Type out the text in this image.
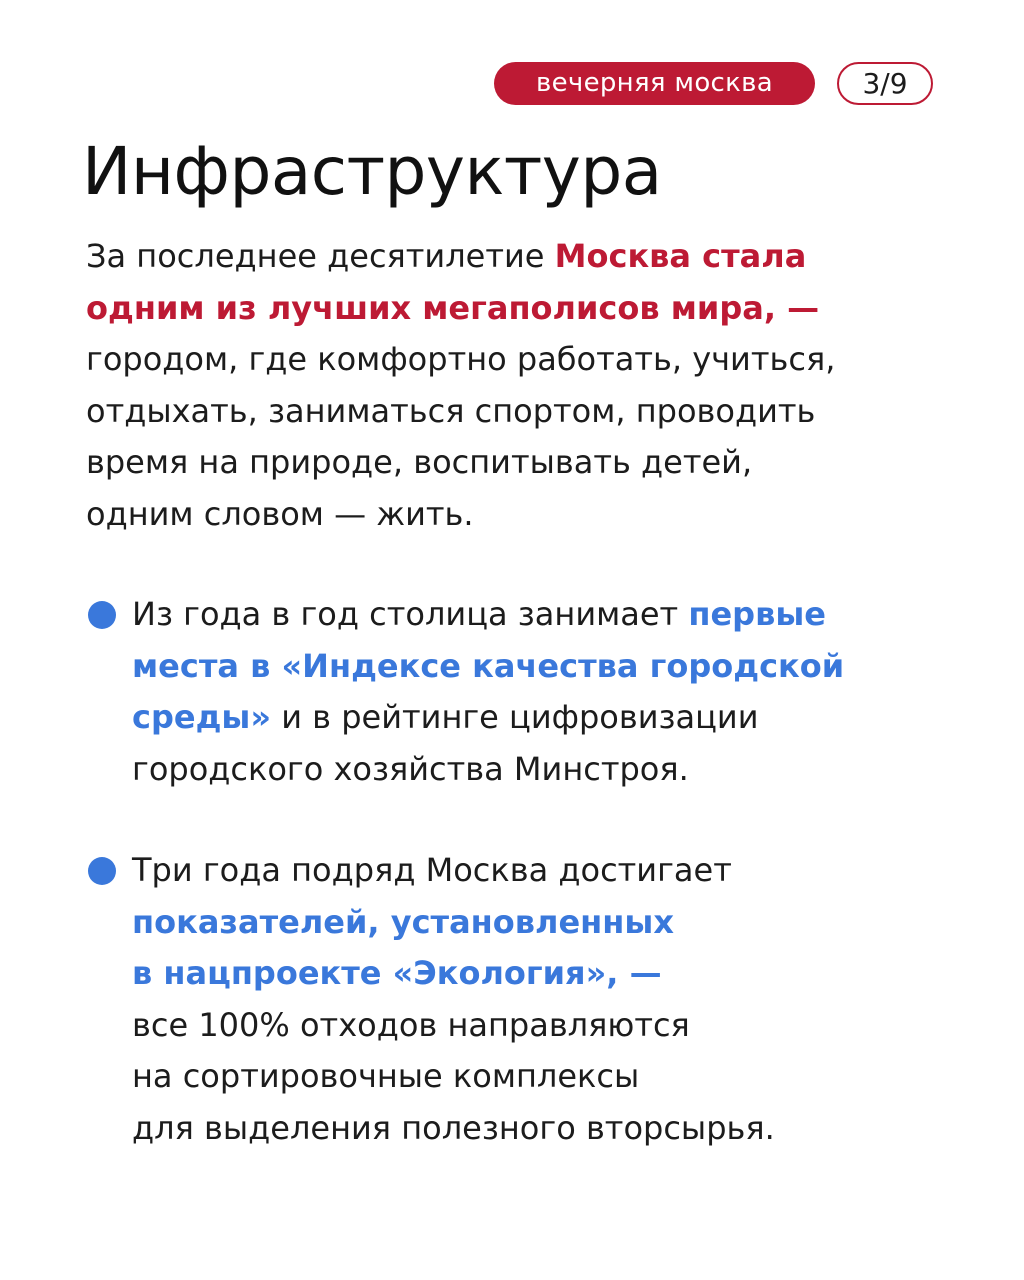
вечерняя москва	3/9
Инфраструктура

За последнее десятилетие Москва стала
одним из лучших мегаполисов мира, —
городом, где комфортно работать, учиться,
отдыхать, заниматься спортом, проводить
время на природе, воспитывать детей,
одним словом — жить.

Из года в год столица занимает первые
места в «Индексе качества городской
среды» и в рейтинге цифровизации
городского хозяйства Минстроя.
Три года подряд Москва достигает
показателей, установленных
в нацпроекте «Экология», —
все 100% отходов направляются
на сортировочные комплексы
для выделения полезного вторсырья.
